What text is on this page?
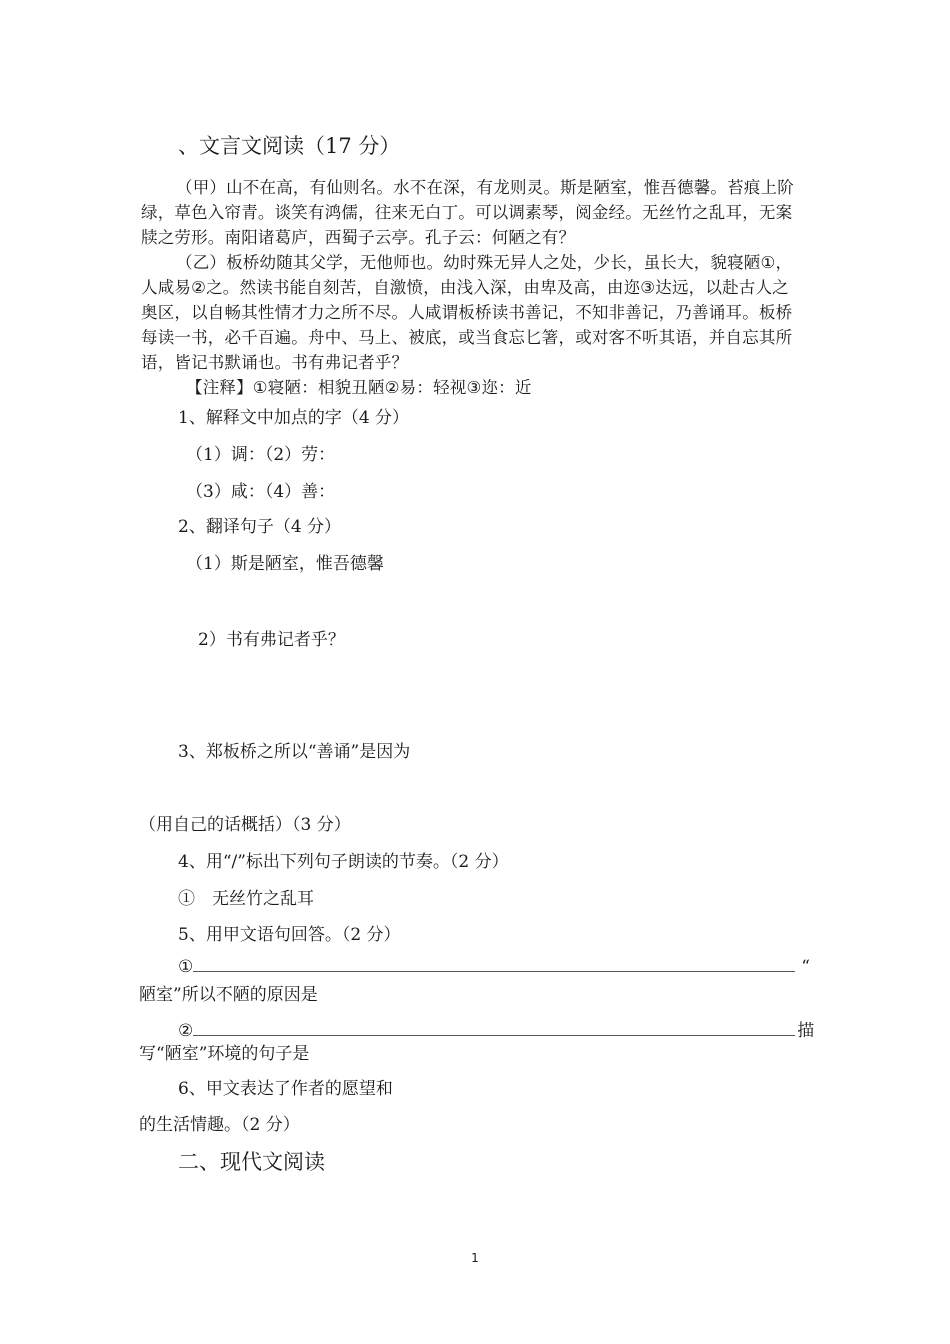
、文言文阅读（17 分）
（甲）山不在高，有仙则名。水不在深，有龙则灵。斯是陋室，惟吾德馨。苔痕上阶
绿，草色入帘青。谈笑有鸿儒，往来无白丁。可以调素琴，阅金经。无丝竹之乱耳，无案
牍之劳形。南阳诸葛庐，西蜀子云亭。孔子云：何陋之有？
（乙）板桥幼随其父学，无他师也。幼时殊无异人之处，少长，虽长大，貌寝陋①，
人咸易②之。然读书能自刻苦，自激愤，由浅入深，由卑及高，由迩③达远，以赴古人之
奥区，以自畅其性情才力之所不尽。人咸谓板桥读书善记，不知非善记，乃善诵耳。板桥
每读一书，必千百遍。舟中、马上、被底，或当食忘匕箸，或对客不听其语，并自忘其所
语，皆记书默诵也。书有弗记者乎？
【注释】①寝陋：相貌丑陋②易：轻视③迩：近
1、解释文中加点的字（4 分）
（1）调：（2）劳：
（3）咸：（4）善：
2、翻译句子（4 分）
（1）斯是陋室，惟吾德馨
2）书有弗记者乎？
3、郑板桥之所以“善诵”是因为
（用自己的话概括）（3 分）
4、用“/”标出下列句子朗读的节奏。（2 分）
①　无丝竹之乱耳
5、用甲文语句回答。（2 分）
①	“
陋室”所以不陋的原因是
②	描
写“陋室”环境的句子是
6、甲文表达了作者的愿望和
的生活情趣。（2 分）
二、现代文阅读
1
